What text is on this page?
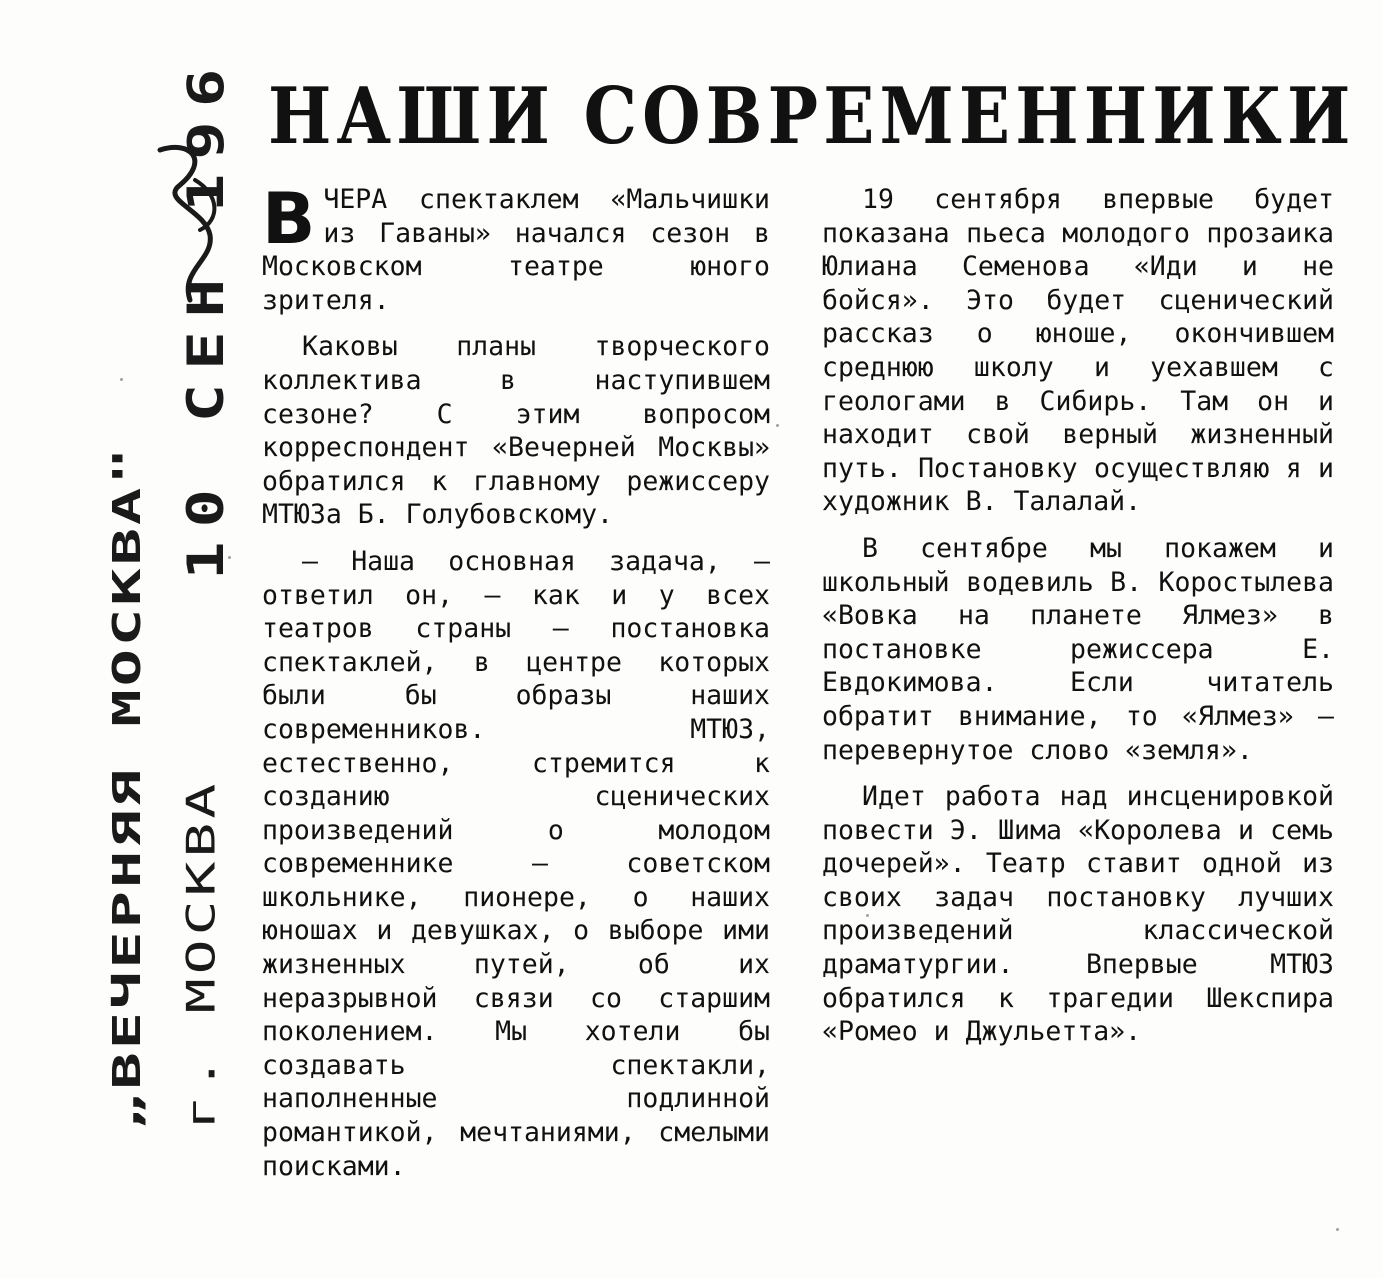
10 СЕН 196
„ВЕЧЕРНЯЯ МОСКВА" г. МОСКВА
НАШИ СОВРЕМЕННИКИ

ВЧЕРА спектаклем «Мальчишки из Гаваны» начался сезон в Московском театре юного зрителя.

Каковы планы творческого коллектива в наступившем сезоне? С этим вопросом корреспондент «Вечерней Москвы» обратился к главному режиссеру МТЮЗа Б. Голубовскому.

— Наша основная задача, — ответил он, — как и у всех театров страны — постановка спектаклей, в центре которых были бы образы наших современников. МТЮЗ, естественно, стремится к созданию сценических произведений о молодом современнике — советском школьнике, пионере, о наших юношах и девушках, о выборе ими жизненных путей, об их неразрывной связи со старшим поколением. Мы хотели бы создавать спектакли, наполненные подлинной романтикой, мечтаниями, смелыми поисками.

19 сентября впервые будет показана пьеса молодого прозаика Юлиана Семенова «Иди и не бойся». Это будет сценический рассказ о юноше, окончившем среднюю школу и уехавшем с геологами в Сибирь. Там он и находит свой верный жизненный путь. Постановку осуществляю я и художник В. Талалай.

В сентябре мы покажем и школьный водевиль В. Коростылева «Вовка на планете Ялмез» в постановке режиссера Е. Евдокимова. Если читатель обратит внимание, то «Ялмез» — перевернутое слово «земля».

Идет работа над инсценировкой повести Э. Шима «Королева и семь дочерей». Театр ставит одной из своих задач постановку лучших произведений классической драматургии. Впервые МТЮЗ обратился к трагедии Шекспира «Ромео и Джульетта».
